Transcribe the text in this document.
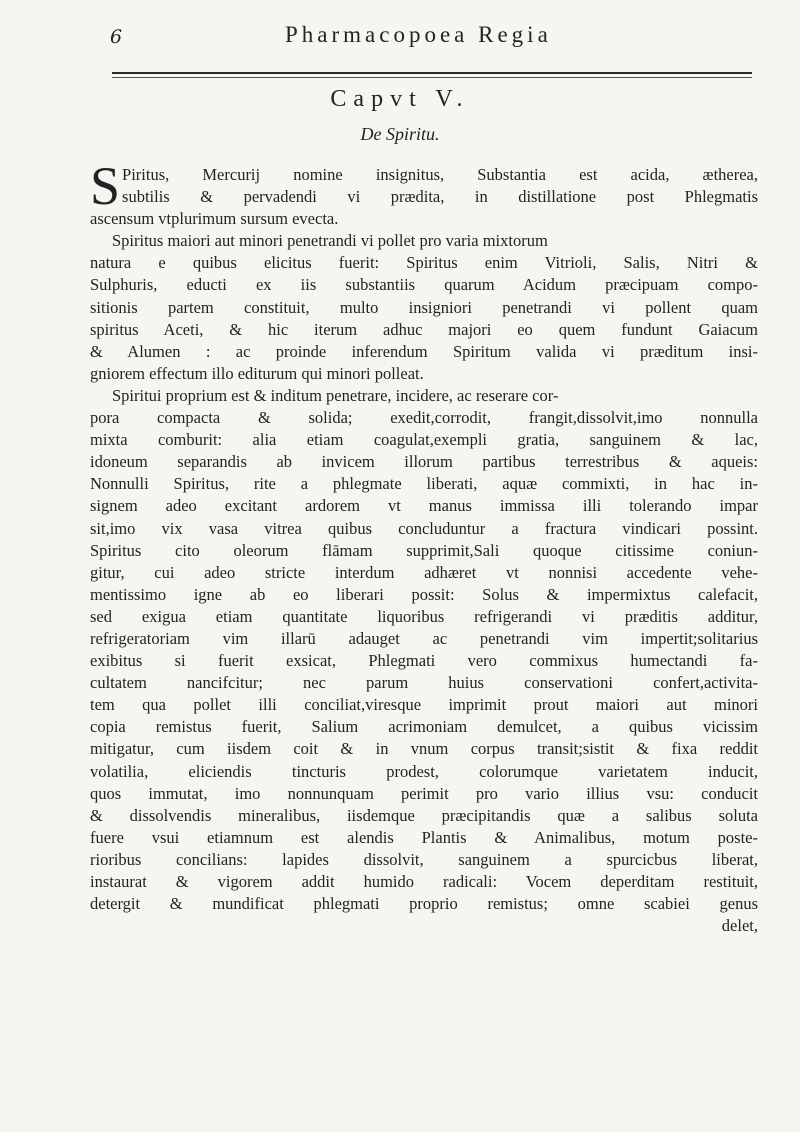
6	Pharmacopoea Regia
Capvt V.
De Spiritu.
S Piritus, Mercurij nomine insignitus, Substantia est acida, ætherea,
subtilis & pervadendi vi prædita, in distillatione post Phlegmatis
ascensum vtplurimum sursum evecta.
Spiritus maiori aut minori penetrandi vi pollet pro varia mixtorum
natura e quibus elicitus fuerit: Spiritus enim Vitrioli, Salis, Nitri &
Sulphuris, educti ex iis substantiis quarum Acidum præcipuam compo-
sitionis partem constituit, multo insigniori penetrandi vi pollent quam
spiritus Aceti, & hic iterum adhuc majori eo quem fundunt Gaiacum
& Alumen : ac proinde inferendum Spiritum valida vi præditum insi-
gniorem effectum illo editurum qui minori polleat.
Spiritui proprium est & inditum penetrare, incidere, ac reserare cor-
pora compacta & solida; exedit,corrodit, frangit,dissolvit,imo nonnulla
mixta comburit: alia etiam coagulat,exempli gratia, sanguinem & lac,
idoneum separandis ab invicem illorum partibus terrestribus & aqueis:
Nonnulli Spiritus, rite a phlegmate liberati, aquæ commixti, in hac in-
signem adeo excitant ardorem vt manus immissa illi tolerando impar
sit,imo vix vasa vitrea quibus concluduntur a fractura vindicari possint.
Spiritus cito oleorum flāmam supprimit,Sali quoque citissime coniun-
gitur, cui adeo stricte interdum adhæret vt nonnisi accedente vehe-
mentissimo igne ab eo liberari possit: Solus & impermixtus calefacit,
sed exigua etiam quantitate liquoribus refrigerandi vi præditis additur,
refrigeratoriam vim illarū adauget ac penetrandi vim impertit;solitarius
exibitus si fuerit exsicat, Phlegmati vero commixus humectandi fa-
cultatem nancifcitur; nec parum huius conservationi confert,activita-
tem qua pollet illi conciliat,viresque imprimit prout maiori aut minori
copia remistus fuerit, Salium acrimoniam demulcet, a quibus vicissim
mitigatur, cum iisdem coit & in vnum corpus transit;sistit & fixa reddit
volatilia, eliciendis tincturis prodest, colorumque varietatem inducit,
quos immutat, imo nonnunquam perimit pro vario illius vsu: conducit
& dissolvendis mineralibus, iisdemque præcipitandis quæ a salibus soluta
fuere vsui etiamnum est alendis Plantis & Animalibus, motum poste-
rioribus concilians: lapides dissolvit, sanguinem a spurcicbus liberat,
instaurat & vigorem addit humido radicali: Vocem deperditam restituit,
detergit & mundificat phlegmati proprio remistus; omne scabiei genus
delet,
